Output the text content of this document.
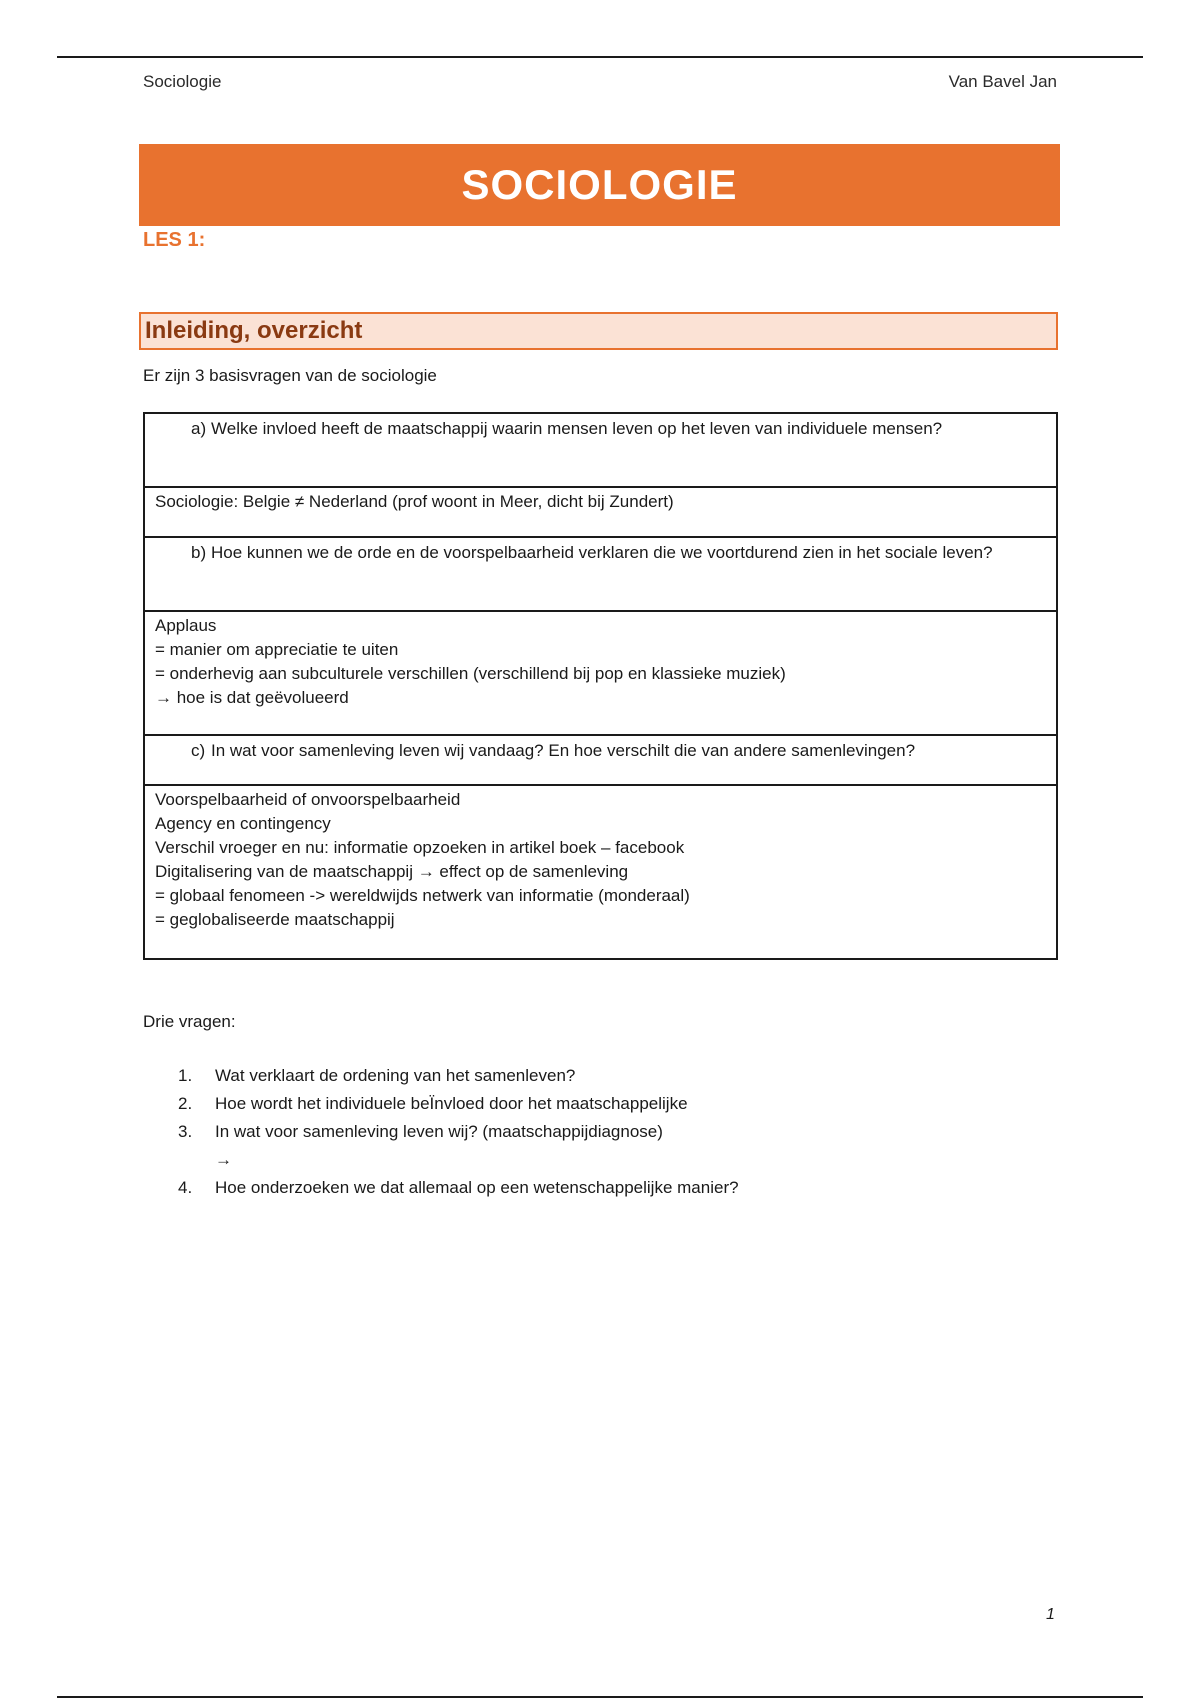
Sociologie	Van Bavel Jan
SOCIOLOGIE
LES 1:
Inleiding, overzicht
Er zijn 3 basisvragen van de sociologie
a) Welke invloed heeft de maatschappij waarin mensen leven op het leven van individuele mensen?
Sociologie: Belgie ≠ Nederland (prof woont in Meer, dicht bij Zundert)
b) Hoe kunnen we de orde en de voorspelbaarheid verklaren die we voortdurend zien in het sociale leven?
Applaus
= manier om appreciatie te uiten
= onderhevig aan subculturele verschillen (verschillend bij pop en klassieke muziek)
→ hoe is dat geëvolueerd
c) In wat voor samenleving leven wij vandaag? En hoe verschilt die van andere samenlevingen?
Voorspelbaarheid of onvoorspelbaarheid
Agency en contingency
Verschil vroeger en nu: informatie opzoeken in artikel boek – facebook
Digitalisering van de maatschappij → effect op de samenleving
= globaal fenomeen -> wereldwijds netwerk van informatie (monderaal)
= geglobaliseerde maatschappij
Drie vragen:
1.	Wat verklaart de ordening van het samenleven?
2.	Hoe wordt het individuele beÏnvloed door het maatschappelijke
3.	In wat voor samenleving leven wij? (maatschappijdiagnose)
→
4.	Hoe onderzoeken we dat allemaal op een wetenschappelijke manier?
1
